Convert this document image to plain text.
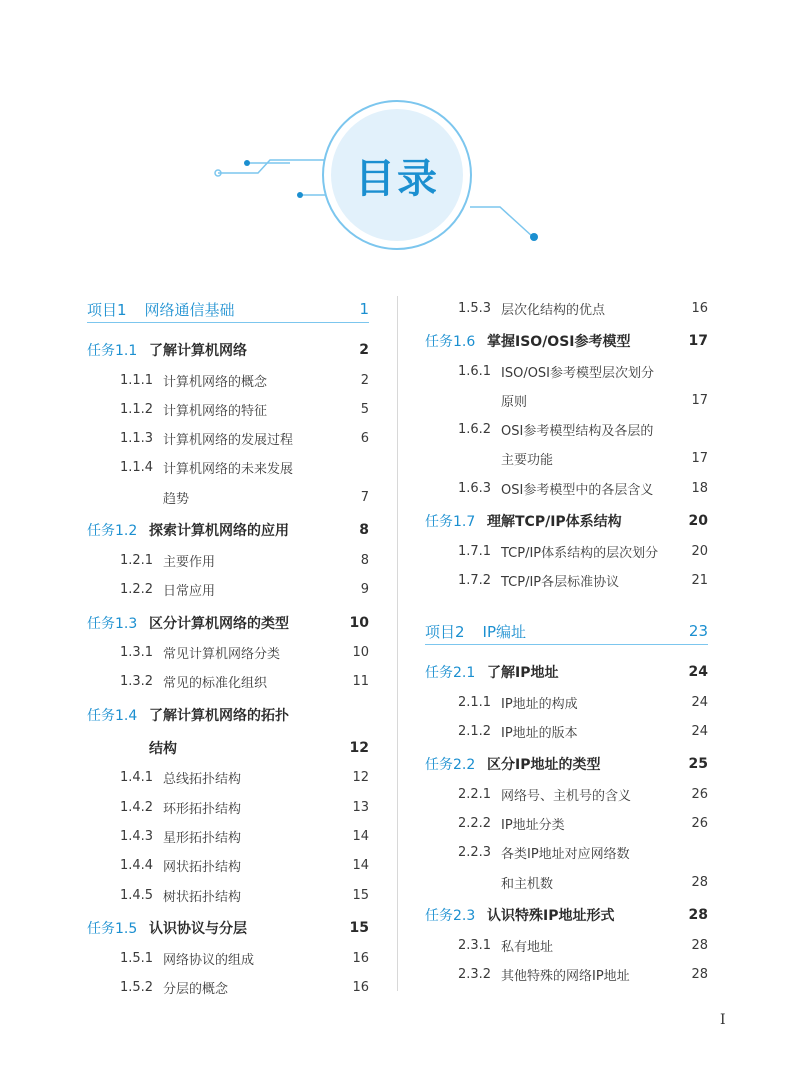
目录
项目1 网络通信基础	1
任务1.1 了解计算机网络	2
1.1.1 计算机网络的概念	2
1.1.2 计算机网络的特征	5
1.1.3 计算机网络的发展过程	6
1.1.4 计算机网络的未来发展
趋势	7
任务1.2 探索计算机网络的应用	8
1.2.1 主要作用	8
1.2.2 日常应用	9
任务1.3 区分计算机网络的类型	10
1.3.1 常见计算机网络分类	10
1.3.2 常见的标准化组织	11
任务1.4 了解计算机网络的拓扑
结构	12
1.4.1 总线拓扑结构	12
1.4.2 环形拓扑结构	13
1.4.3 星形拓扑结构	14
1.4.4 网状拓扑结构	14
1.4.5 树状拓扑结构	15
任务1.5 认识协议与分层	15
1.5.1 网络协议的组成	16
1.5.2 分层的概念	16
1.5.3 层次化结构的优点	16
任务1.6 掌握ISO/OSI参考模型	17
1.6.1 ISO/OSI参考模型层次划分
原则	17
1.6.2 OSI参考模型结构及各层的
主要功能	17
1.6.3 OSI参考模型中的各层含义	18
任务1.7 理解TCP/IP体系结构	20
1.7.1 TCP/IP体系结构的层次划分	20
1.7.2 TCP/IP各层标准协议	21
项目2 IP编址	23
任务2.1 了解IP地址	24
2.1.1 IP地址的构成	24
2.1.2 IP地址的版本	24
任务2.2 区分IP地址的类型	25
2.2.1 网络号、主机号的含义	26
2.2.2 IP地址分类	26
2.2.3 各类IP地址对应网络数
和主机数	28
任务2.3 认识特殊IP地址形式	28
2.3.1 私有地址	28
2.3.2 其他特殊的网络IP地址	28
I
